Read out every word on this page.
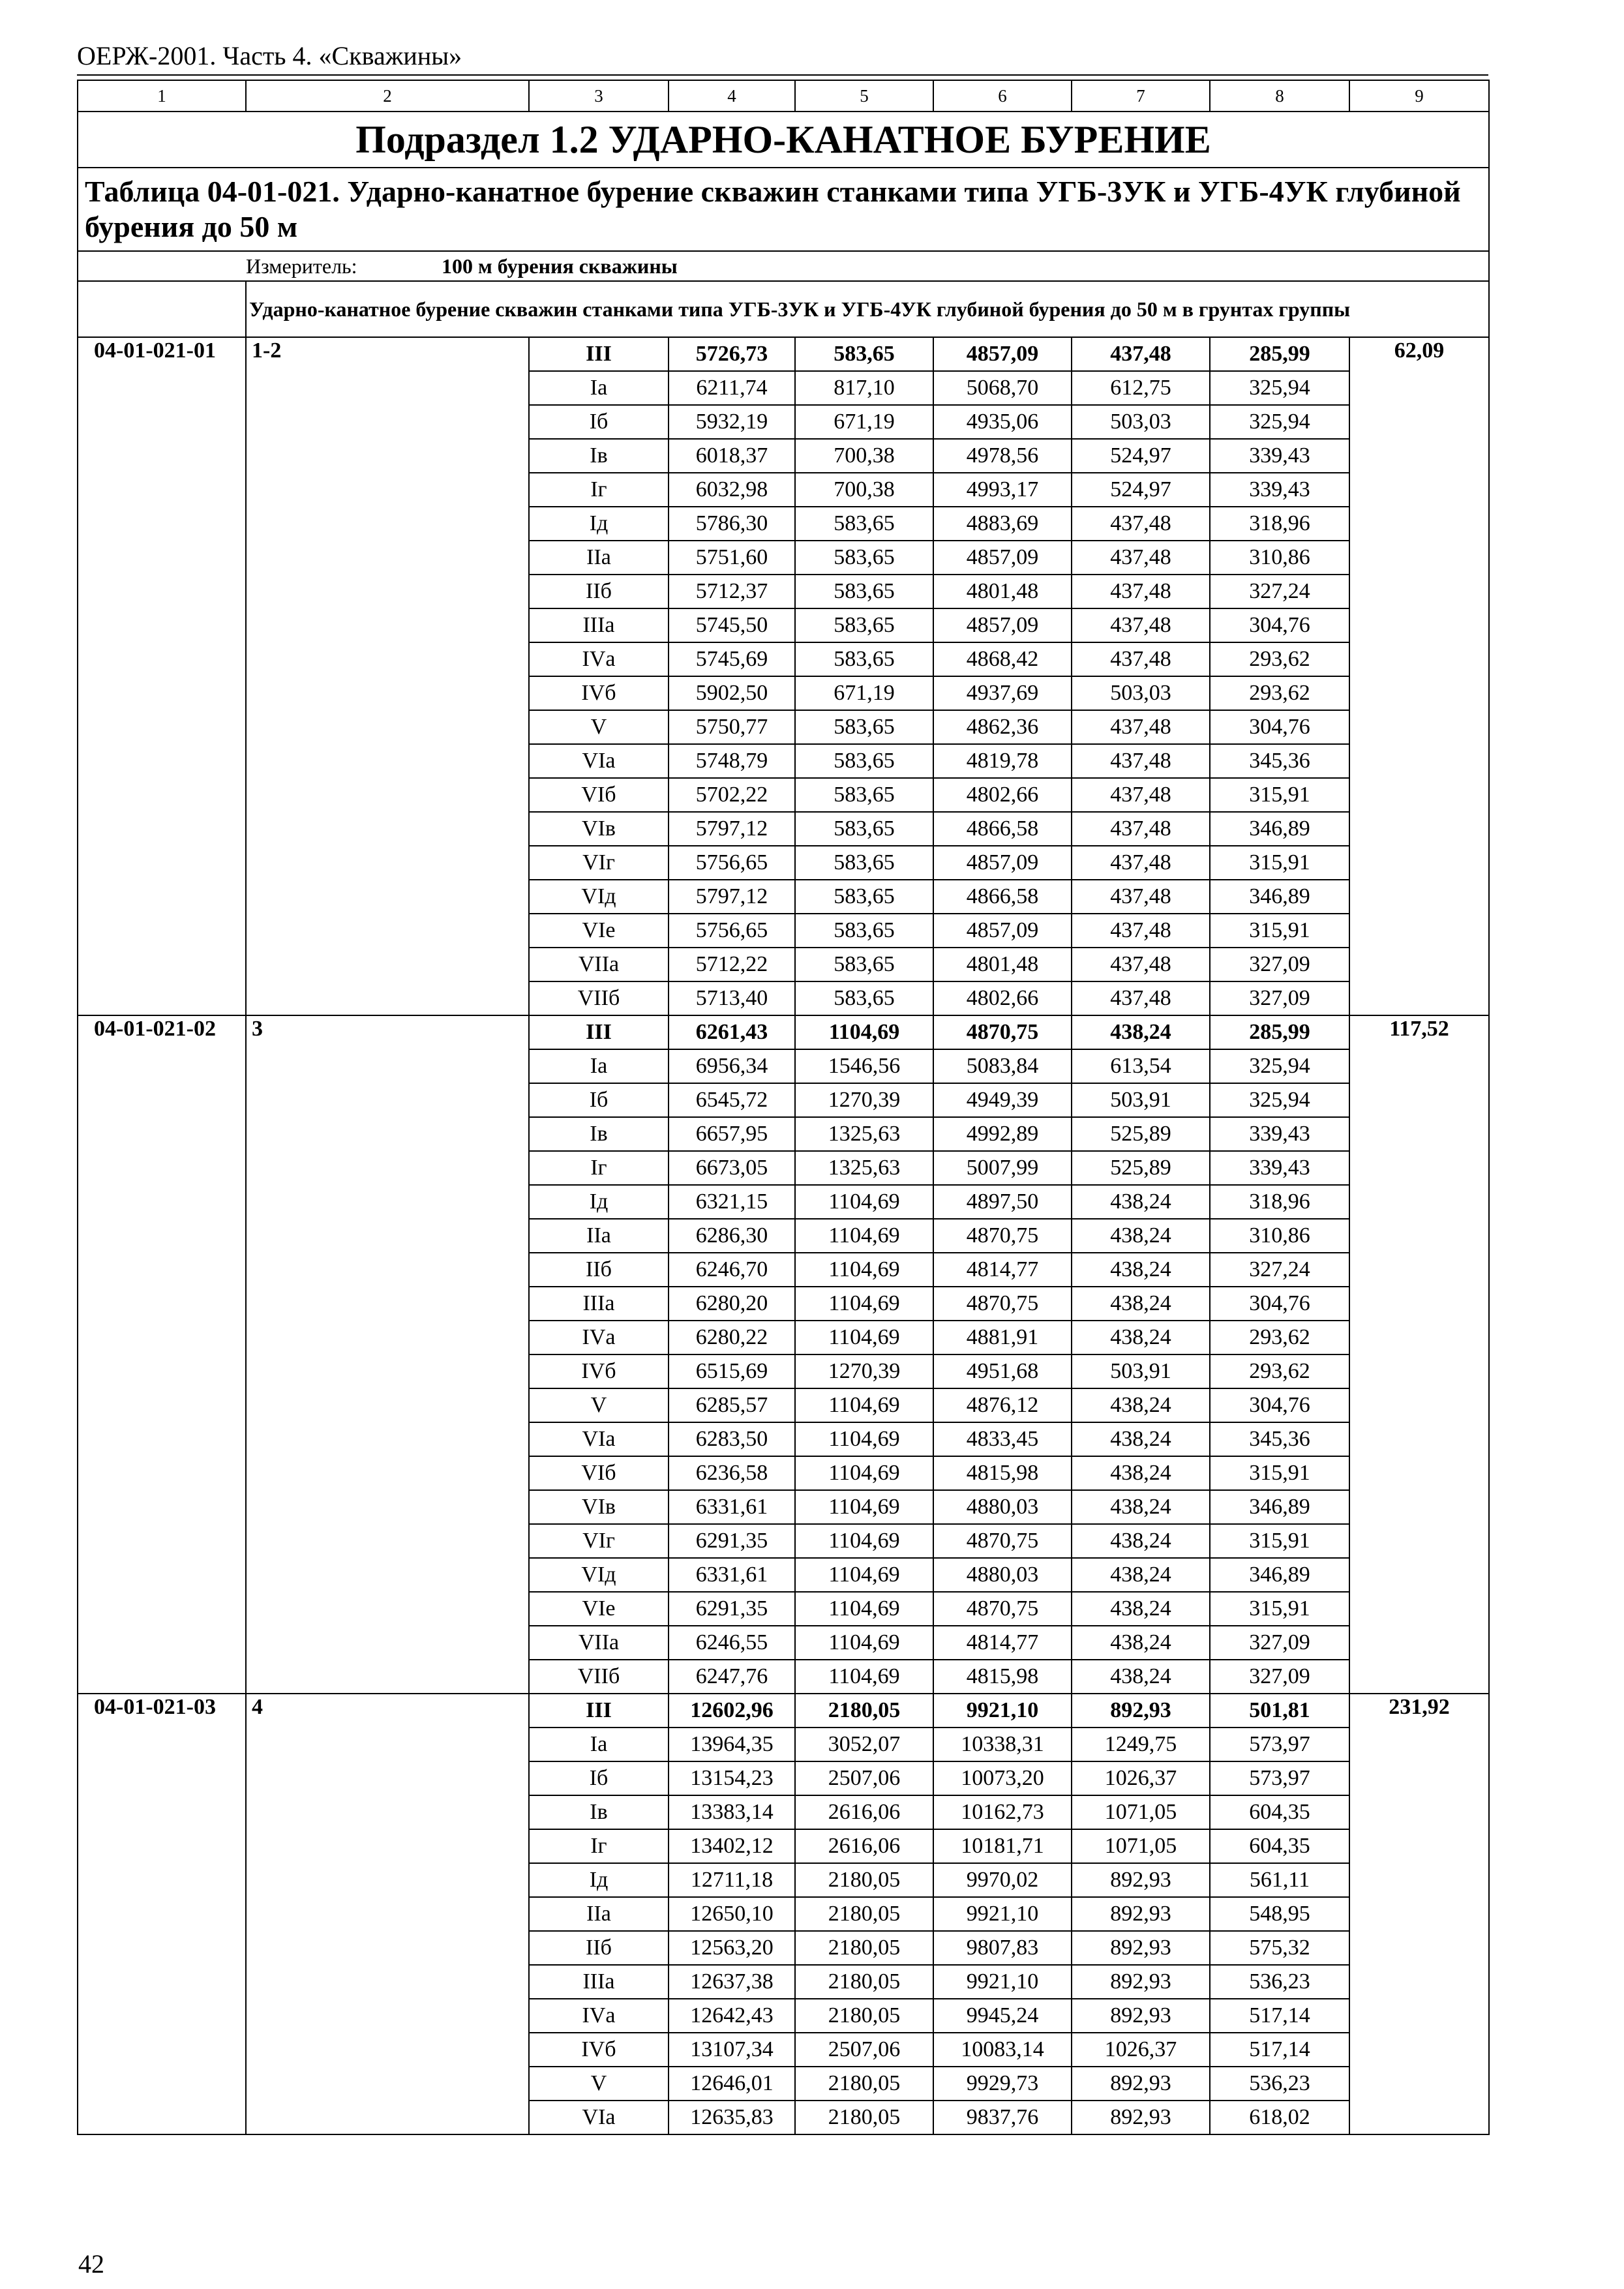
ОЕРЖ-2001. Часть 4. «Скважины»
1	2	3	4	5	6	7	8	9
Подраздел 1.2 УДАРНО-КАНАТНОЕ БУРЕНИЕ								
Таблица 04-01-021. Ударно-канатное бурение скважин станками типа УГБ-3УК и УГБ-4УК глубиной бурения до 50 м								

	Измеритель: 100 м бурения скважины							

	Ударно-канатное бурение скважин станками типа УГБ-3УК и УГБ-4УК глубиной бурения до 50 м в грунтах группы							
04-01-021-01	1-2	III	5726,73	583,65	4857,09	437,48	285,99	62,09
		Iа	6211,74	817,10	5068,70	612,75	325,94	
		Iб	5932,19	671,19	4935,06	503,03	325,94	
		Iв	6018,37	700,38	4978,56	524,97	339,43	
		Iг	6032,98	700,38	4993,17	524,97	339,43	
		Iд	5786,30	583,65	4883,69	437,48	318,96	
		IIа	5751,60	583,65	4857,09	437,48	310,86	
		IIб	5712,37	583,65	4801,48	437,48	327,24	
		IIIа	5745,50	583,65	4857,09	437,48	304,76	
		IVа	5745,69	583,65	4868,42	437,48	293,62	
		IVб	5902,50	671,19	4937,69	503,03	293,62	
		V	5750,77	583,65	4862,36	437,48	304,76	
		VIа	5748,79	583,65	4819,78	437,48	345,36	
		VIб	5702,22	583,65	4802,66	437,48	315,91	
		VIв	5797,12	583,65	4866,58	437,48	346,89	
		VIг	5756,65	583,65	4857,09	437,48	315,91	
		VIд	5797,12	583,65	4866,58	437,48	346,89	
		VIе	5756,65	583,65	4857,09	437,48	315,91	
		VIIа	5712,22	583,65	4801,48	437,48	327,09	
		VIIб	5713,40	583,65	4802,66	437,48	327,09	
04-01-021-02	3	III	6261,43	1104,69	4870,75	438,24	285,99	117,52
		Iа	6956,34	1546,56	5083,84	613,54	325,94	
		Iб	6545,72	1270,39	4949,39	503,91	325,94	
		Iв	6657,95	1325,63	4992,89	525,89	339,43	
		Iг	6673,05	1325,63	5007,99	525,89	339,43	
		Iд	6321,15	1104,69	4897,50	438,24	318,96	
		IIа	6286,30	1104,69	4870,75	438,24	310,86	
		IIб	6246,70	1104,69	4814,77	438,24	327,24	
		IIIа	6280,20	1104,69	4870,75	438,24	304,76	
		IVа	6280,22	1104,69	4881,91	438,24	293,62	
		IVб	6515,69	1270,39	4951,68	503,91	293,62	
		V	6285,57	1104,69	4876,12	438,24	304,76	
		VIа	6283,50	1104,69	4833,45	438,24	345,36	
		VIб	6236,58	1104,69	4815,98	438,24	315,91	
		VIв	6331,61	1104,69	4880,03	438,24	346,89	
		VIг	6291,35	1104,69	4870,75	438,24	315,91	
		VIд	6331,61	1104,69	4880,03	438,24	346,89	
		VIе	6291,35	1104,69	4870,75	438,24	315,91	
		VIIа	6246,55	1104,69	4814,77	438,24	327,09	
		VIIб	6247,76	1104,69	4815,98	438,24	327,09	
04-01-021-03	4	III	12602,96	2180,05	9921,10	892,93	501,81	231,92
		Iа	13964,35	3052,07	10338,31	1249,75	573,97	
		Iб	13154,23	2507,06	10073,20	1026,37	573,97	
		Iв	13383,14	2616,06	10162,73	1071,05	604,35	
		Iг	13402,12	2616,06	10181,71	1071,05	604,35	
		Iд	12711,18	2180,05	9970,02	892,93	561,11	
		IIа	12650,10	2180,05	9921,10	892,93	548,95	
		IIб	12563,20	2180,05	9807,83	892,93	575,32	
		IIIа	12637,38	2180,05	9921,10	892,93	536,23	
		IVа	12642,43	2180,05	9945,24	892,93	517,14	
		IVб	13107,34	2507,06	10083,14	1026,37	517,14	
		V	12646,01	2180,05	9929,73	892,93	536,23	
		VIа	12635,83	2180,05	9837,76	892,93	618,02	
42
